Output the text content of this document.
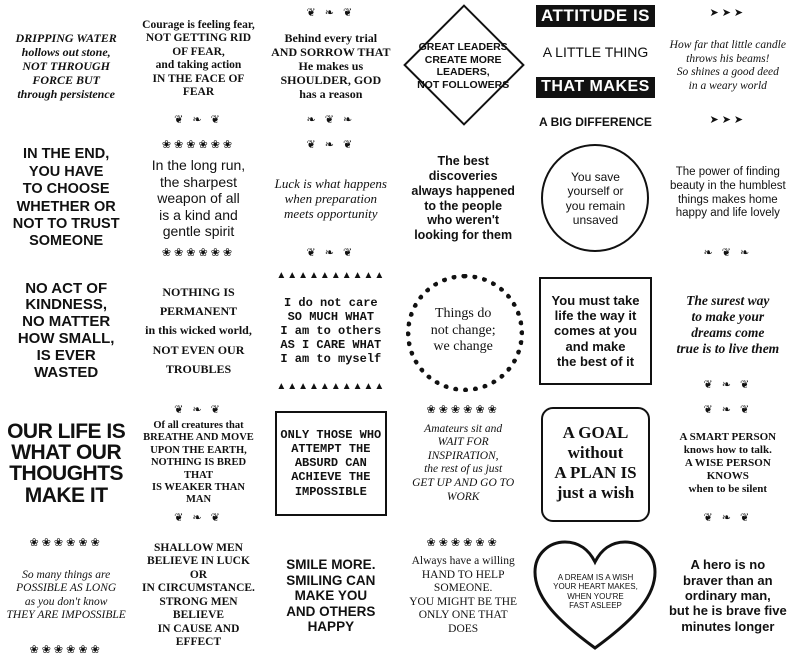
DRIPPING WATER
hollows out stone,
NOT THROUGH FORCE BUT
through persistence
Courage is feeling fear,
NOT GETTING RID OF FEAR,
and taking action
IN THE FACE OF FEAR
❦ ❧ ❦
❦ ❧ ❦
Behind every trial
AND SORROW THAT
He makes us
SHOULDER, GOD
has a reason
❧ ❦ ❧
GREAT LEADERS
CREATE MORE
LEADERS,
NOT FOLLOWERS

ATTITUDE IS

A LITTLE THING

THAT MAKES

A BIG DIFFERENCE

➤➤➤
How far that little candle
throws his beams!
So shines a good deed
in a weary world
➤➤➤
IN THE END,
YOU HAVE
TO CHOOSE
WHETHER OR
NOT TO TRUST
SOMEONE
❀❀❀❀❀❀
In the long run,
the sharpest
weapon of all
is a kind and
gentle spirit
❀❀❀❀❀❀
❦ ❧ ❦
Luck is what happens
when preparation
meets opportunity
❦ ❧ ❦
The best discoveries
always happened
to the people
who weren't
looking for them
You save
yourself or
you remain
unsaved
The power of finding
beauty in the humblest
things makes home
happy and life lovely
❧ ❦ ❧
NO ACT OF
KINDNESS,
NO MATTER
HOW SMALL,
IS EVER
WASTED
NOTHING IS PERMANENT
in this wicked world,
NOT EVEN OUR TROUBLES
▲▲▲▲▲▲▲▲▲▲
I do not care
SO MUCH WHAT
I am to others
AS I CARE WHAT
I am to myself
▲▲▲▲▲▲▲▲▲▲
Things do
not change;
we change
You must take
life the way it
comes at you
and make
the best of it
The surest way
to make your
dreams come
true is to live them
❦ ❧ ❦
OUR LIFE IS
WHAT OUR
THOUGHTS
MAKE IT
❦ ❧ ❦
Of all creatures that
BREATHE AND MOVE
UPON THE EARTH,
NOTHING IS BRED THAT
IS WEAKER THAN MAN
❦ ❧ ❦
ONLY THOSE WHO
ATTEMPT THE
ABSURD CAN
ACHIEVE THE
IMPOSSIBLE
❀❀❀❀❀❀
Amateurs sit and
WAIT FOR INSPIRATION,
the rest of us just
GET UP AND GO TO WORK
A GOAL
without
A PLAN IS
just a wish
❦ ❧ ❦
A SMART PERSON
knows how to talk.
A WISE PERSON KNOWS
when to be silent
❦ ❧ ❦
❀❀❀❀❀❀
So many things are
POSSIBLE AS LONG
as you don't know
THEY ARE IMPOSSIBLE
❀❀❀❀❀❀
SHALLOW MEN
BELIEVE IN LUCK OR
IN CIRCUMSTANCE.
STRONG MEN BELIEVE
IN CAUSE AND EFFECT
SMILE MORE.
SMILING CAN
MAKE YOU
AND OTHERS
HAPPY
❀❀❀❀❀❀
Always have a willing
HAND TO HELP SOMEONE.
YOU MIGHT BE THE
ONLY ONE THAT DOES
A DREAM IS A WISH
YOUR HEART MAKES,
WHEN YOU'RE
FAST ASLEEP
A hero is no
braver than an
ordinary man,
but he is brave five
minutes longer
